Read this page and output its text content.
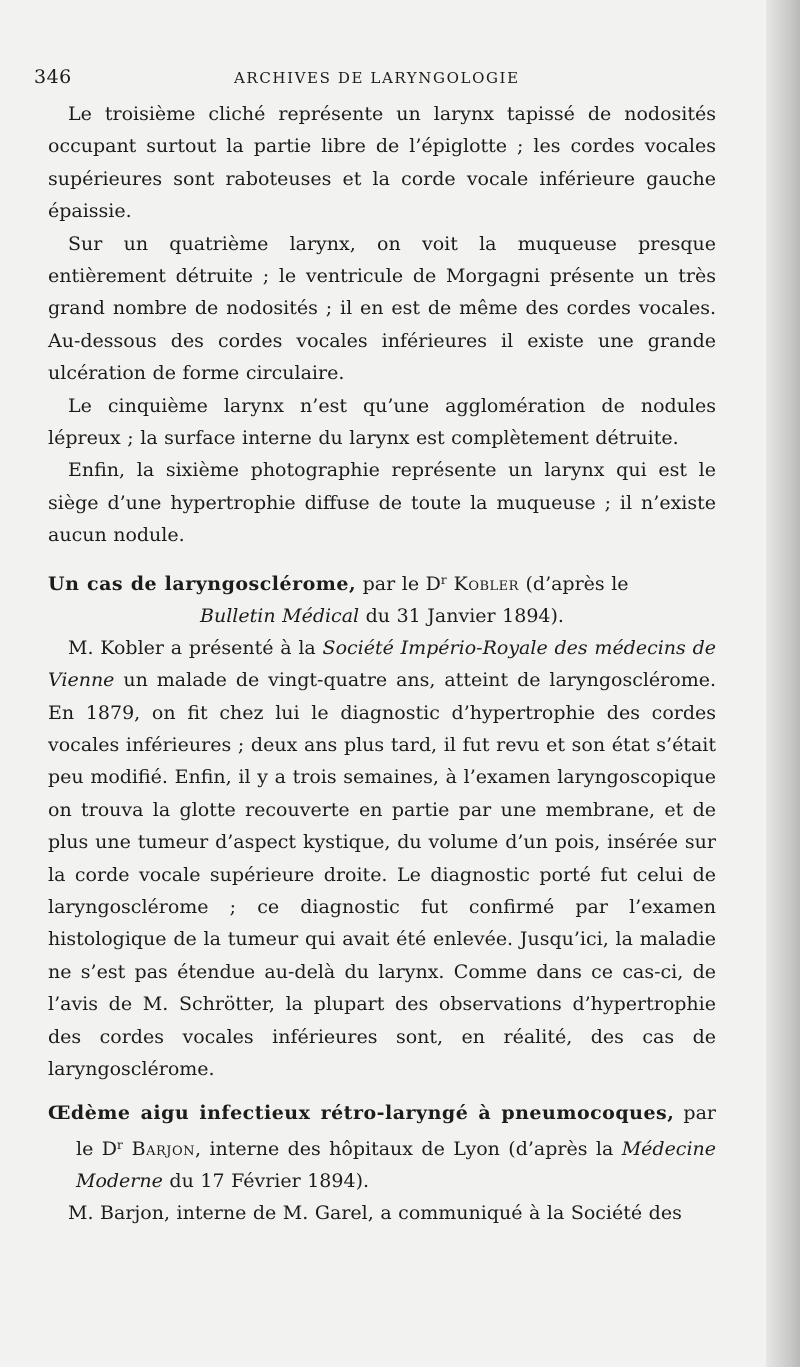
346	ARCHIVES DE LARYNGOLOGIE

Le troisième cliché représente un larynx tapissé de nodosités occupant surtout la partie libre de l’épiglotte ; les cordes vocales supérieures sont raboteuses et la corde vocale inférieure gauche épaissie.

Sur un quatrième larynx, on voit la muqueuse presque entièrement détruite ; le ventricule de Morgagni présente un très grand nombre de nodosités ; il en est de même des cordes vocales. Au-dessous des cordes vocales inférieures il existe une grande ulcération de forme circulaire.

Le cinquième larynx n’est qu’une agglomération de nodules lépreux ; la surface interne du larynx est complètement détruite.

Enfin, la sixième photographie représente un larynx qui est le siège d’une hypertrophie diffuse de toute la muqueuse ; il n’existe aucun nodule.

Un cas de laryngosclérome, par le $D^r$ Kobler (d’après le
Bulletin Médical du 31 Janvier 1894).

M. Kobler a présenté à la Société Império-Royale des médecins de Vienne un malade de vingt-quatre ans, atteint de laryngosclérome. En 1879, on fit chez lui le diagnostic d’hypertrophie des cordes vocales inférieures ; deux ans plus tard, il fut revu et son état s’était peu modifié. Enfin, il y a trois semaines, à l’examen laryngoscopique on trouva la glotte recouverte en partie par une membrane, et de plus une tumeur d’aspect kystique, du volume d’un pois, insérée sur la corde vocale supérieure droite. Le diagnostic porté fut celui de laryngosclérome ; ce diagnostic fut confirmé par l’examen histologique de la tumeur qui avait été enlevée. Jusqu’ici, la maladie ne s’est pas étendue au-delà du larynx. Comme dans ce cas-ci, de l’avis de M. Schrötter, la plupart des observations d’hypertrophie des cordes vocales inférieures sont, en réalité, des cas de laryngosclérome.

Œdème aigu infectieux rétro-laryngé à pneumocoques, par le $D^r$ Barjon, interne des hôpitaux de Lyon (d’après la Médecine Moderne du 17 Février 1894).

M. Barjon, interne de M. Garel, a communiqué à la Société des
